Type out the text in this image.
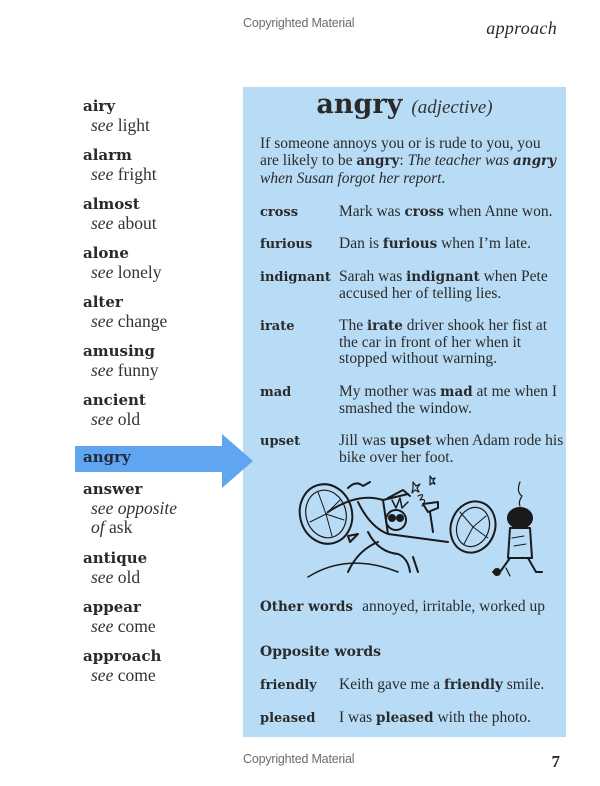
Copyrighted Material	approach
airy
see light
alarm
see fright
almost
see about
alone
see lonely
alter
see change
amusing
see funny
ancient
see old
answer
see opposite
of ask
antique
see old
appear
see come
approach
see come
angry (adjective)
If someone annoys you or is rude to you, you are likely to be angry: The teacher was angry when Susan forgot her report.
cross	Mark was cross when Anne won.
furious Dan is furious when I’m late.
indignant Sarah was indignant when Pete accused her of telling lies.
irate	The irate driver shook her fist at the car in front of her when it stopped without warning.
mad	My mother was mad at me when I smashed the window.
upset	Jill was upset when Adam rode his bike over her foot.
Other words annoyed, irritable, worked up
Opposite words
friendly Keith gave me a friendly smile.
pleased I was pleased with the photo.
angry
Copyrighted Material	7
